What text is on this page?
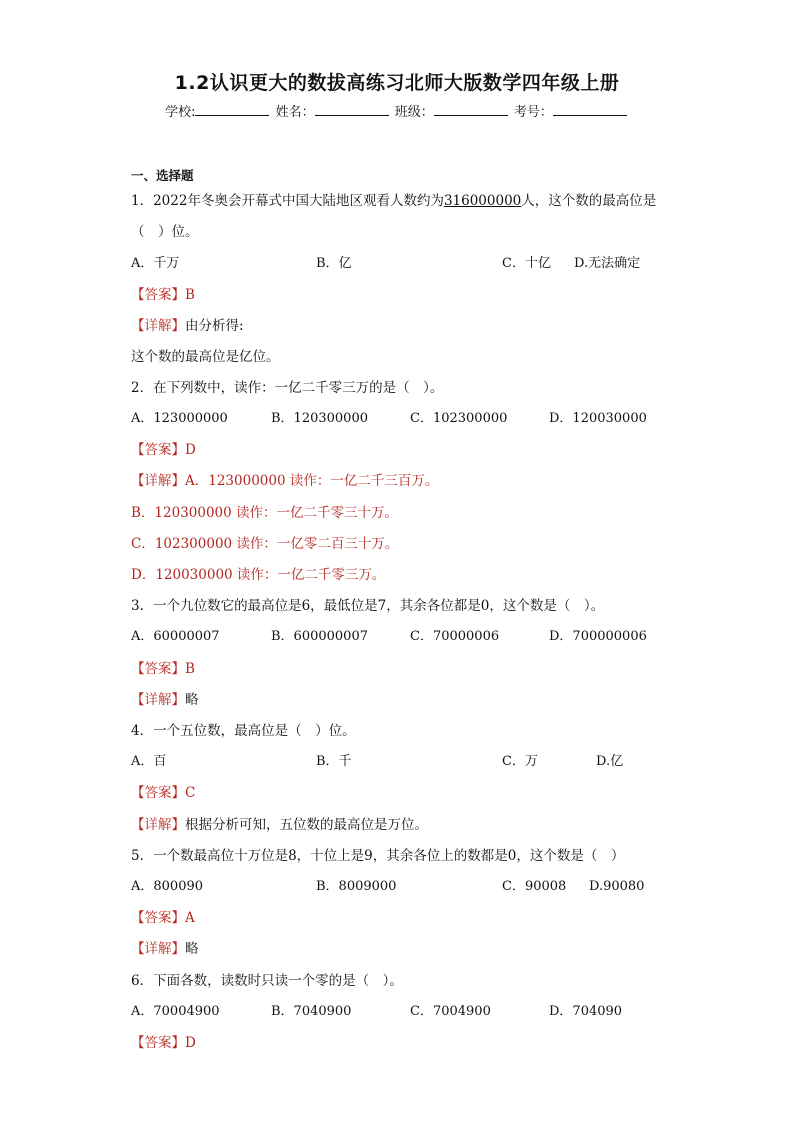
1.2认识更大的数拔高练习北师大版数学四年级上册
学校:	姓名：	班级：	考号：
一、选择题
1．2022年冬奥会开幕式中国大陆地区观看人数约为316000000人，这个数的最高位是
（　）位。
A．千万	B．亿	C．十亿 D.无法确定
【答案】B
【详解】由分析得:
这个数的最高位是亿位。
2．在下列数中，读作：一亿二千零三万的是（　）。
A．123000000	B．120300000	C．102300000	D．120030000
【答案】D
【详解】A．123000000 读作：一亿二千三百万。
B．120300000 读作：一亿二千零三十万。
C．102300000 读作：一亿零二百三十万。
D．120030000 读作：一亿二千零三万。
3．一个九位数它的最高位是6，最低位是7，其余各位都是0，这个数是（　）。
A．60000007	B．600000007	C．70000006	D．700000006
【答案】B
【详解】略
4．一个五位数，最高位是（　）位。
A．百	B．千	C．万	D.亿
【答案】C
【详解】根据分析可知，五位数的最高位是万位。
5．一个数最高位十万位是8，十位上是9，其余各位上的数都是0，这个数是（　）
A．800090	B．8009000	C．90008 D.90080
【答案】A
【详解】略
6．下面各数，读数时只读一个零的是（　）。
A．70004900	B．7040900	C．7004900	D．704090
【答案】D
